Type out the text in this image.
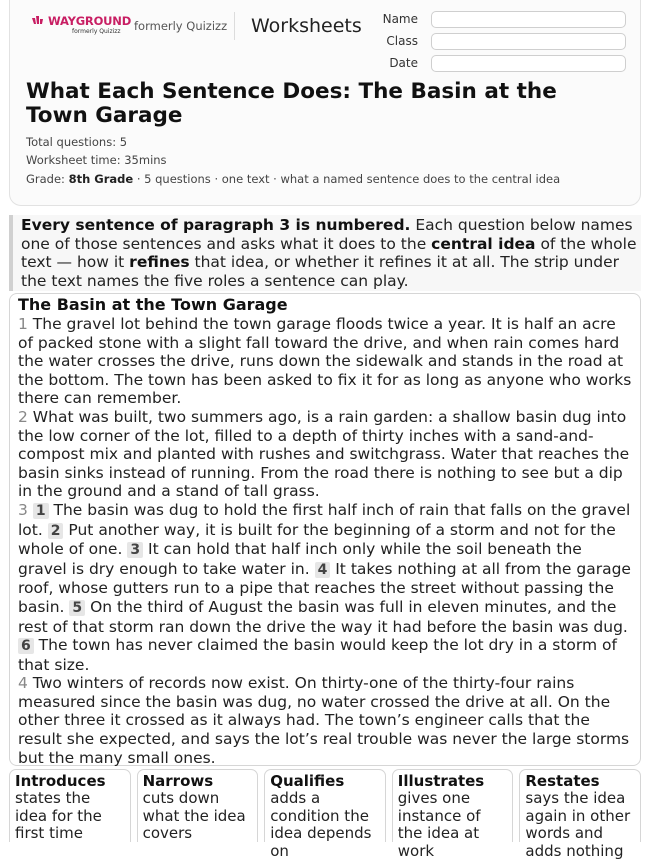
WAYGROUND
formerly Quizizz formerly Quizizz Worksheets Name
Class
Date
What Each Sentence Does: The Basin at the Town Garage
Total questions: 5
Worksheet time: 35mins
Grade: 8th Grade · 5 questions · one text · what a named sentence does to the central idea
Every sentence of paragraph 3 is numbered. Each question below names one of those sentences and asks what it does to the central idea of the whole text — how it refines that idea, or whether it refines it at all. The strip under the text names the five roles a sentence can play.
The Basin at the Town Garage
1 The gravel lot behind the town garage floods twice a year. It is half an acre of packed stone with a slight fall toward the drive, and when rain comes hard the water crosses the drive, runs down the sidewalk and stands in the road at the bottom. The town has been asked to fix it for as long as anyone who works there can remember.
2 What was built, two summers ago, is a rain garden: a shallow basin dug into the low corner of the lot, filled to a depth of thirty inches with a sand-and-compost mix and planted with rushes and switchgrass. Water that reaches the basin sinks instead of running. From the road there is nothing to see but a dip in the ground and a stand of tall grass.
3 1 The basin was dug to hold the first half inch of rain that falls on the gravel lot. 2 Put another way, it is built for the beginning of a storm and not for the whole of one. 3 It can hold that half inch only while the soil beneath the gravel is dry enough to take water in. 4 It takes nothing at all from the garage roof, whose gutters run to a pipe that reaches the street without passing the basin. 5 On the third of August the basin was full in eleven minutes, and the rest of that storm ran down the drive the way it had before the basin was dug. 6 The town has never claimed the basin would keep the lot dry in a storm of that size.
4 Two winters of records now exist. On thirty-one of the thirty-four rains measured since the basin was dug, no water crossed the drive at all. On the other three it crossed as it always had. The town’s engineer calls that the result she expected, and says the lot’s real trouble was never the large storms but the many small ones.
Introduces
states the idea for the first time
Narrows
cuts down what the idea covers
Qualifies
adds a condition the idea depends on
Illustrates
gives one instance of the idea at work
Restates
says the idea again in other words and adds nothing
